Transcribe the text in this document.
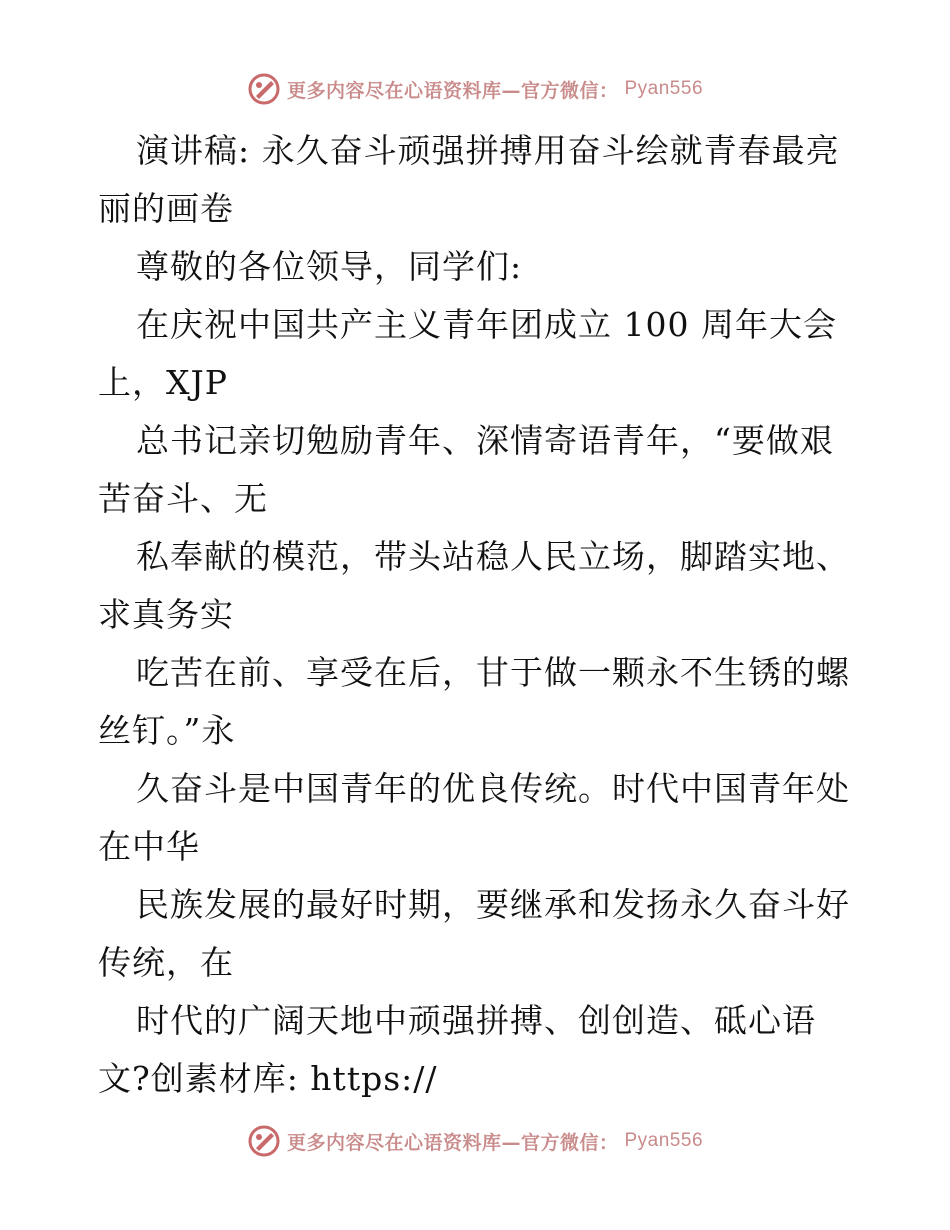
更多内容尽在心语资料库—官方微信： Pyan556
演讲稿: 永久奋斗顽强拼搏用奋斗绘就青春最亮
丽的画卷
尊敬的各位领导，同学们:
在庆祝中国共产主义青年团成立 100 周年大会
上，XJP
总书记亲切勉励青年、深情寄语青年，“要做艰
苦奋斗、无
私奉献的模范，带头站稳人民立场，脚踏实地、
求真务实
吃苦在前、享受在后，甘于做一颗永不生锈的螺
丝钉。”永
久奋斗是中国青年的优良传统。时代中国青年处
在中华
民族发展的最好时期，要继承和发扬永久奋斗好
传统，在
时代的广阔天地中顽强拼搏、创创造、砥心语
文?创素材库: https://
更多内容尽在心语资料库—官方微信： Pyan556
